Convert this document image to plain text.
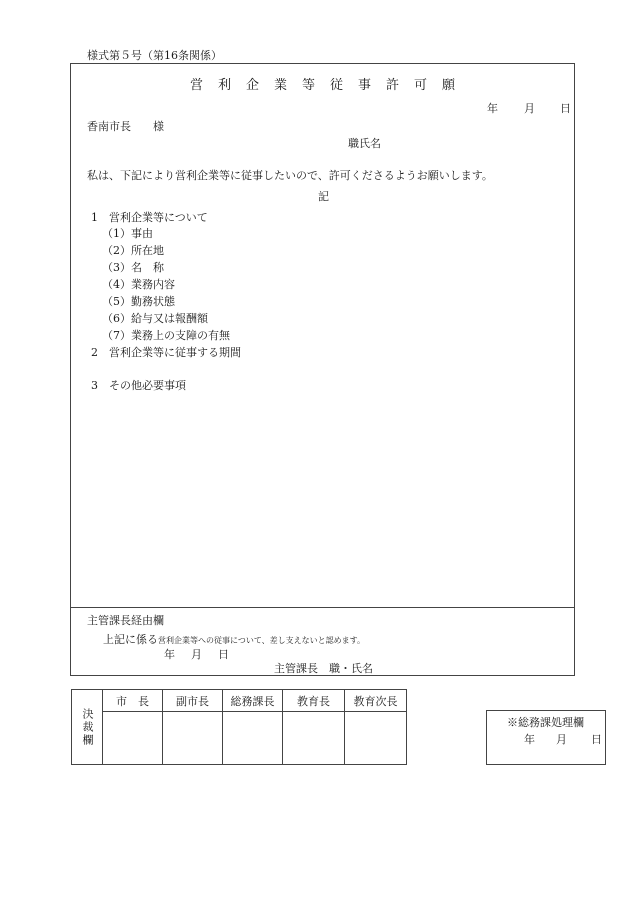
様式第５号（第16条関係）
営利企業等従事許可願
年 月 日
香南市長　　様
職氏名
私は、下記により営利企業等に従事したいので、許可くださるようお願いします。
記
1　営利企業等について
（1）事由
（2）所在地
（3）名　称
（4）業務内容
（5）勤務状態
（6）給与又は報酬額
（7）業務上の支障の有無
2　営利企業等に従事する期間
3　その他必要事項
主管課長経由欄
上記に係る営利企業等への従事について、差し支えないと認めます。
年 月 日
主管課長　職・氏名
決裁欄	市　長	副市長	総務課長	教育長	教育次長

※総務課処理欄
年 月 日
